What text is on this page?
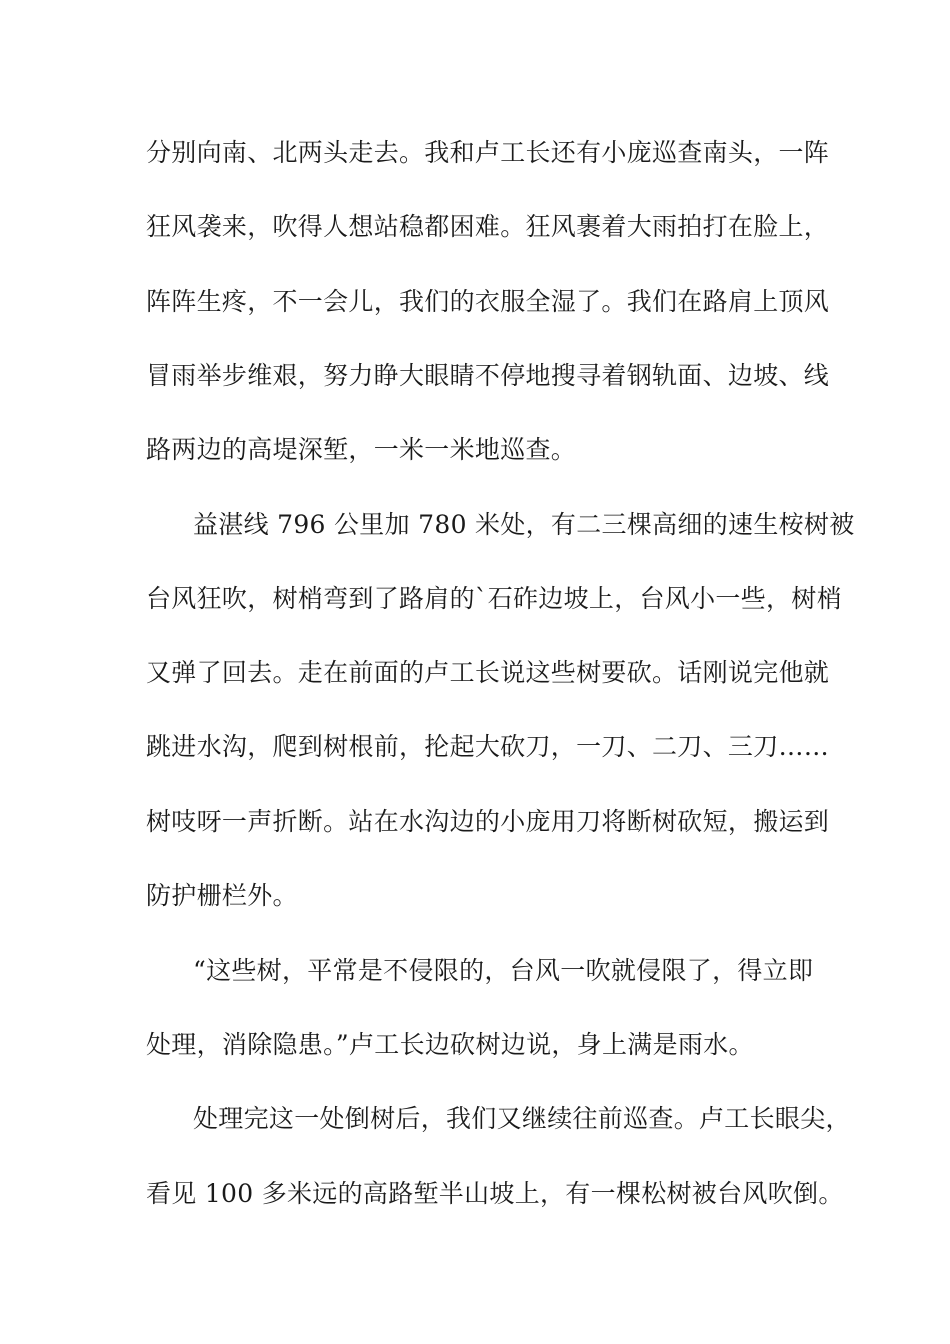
分别向南、北两头走去。我和卢工长还有小庞巡查南头，一阵
狂风袭来，吹得人想站稳都困难。狂风裹着大雨拍打在脸上，
阵阵生疼，不一会儿，我们的衣服全湿了。我们在路肩上顶风
冒雨举步维艰，努力睁大眼睛不停地搜寻着钢轨面、边坡、线
路两边的高堤深堑，一米一米地巡查。
益湛线 796 公里加 780 米处，有二三棵高细的速生桉树被
台风狂吹，树梢弯到了路肩的`石砟边坡上，台风小一些，树梢
又弹了回去。走在前面的卢工长说这些树要砍。话刚说完他就
跳进水沟，爬到树根前，抡起大砍刀，一刀、二刀、三刀……
树吱呀一声折断。站在水沟边的小庞用刀将断树砍短，搬运到
防护栅栏外。
“这些树，平常是不侵限的，台风一吹就侵限了，得立即
处理，消除隐患。”卢工长边砍树边说，身上满是雨水。
处理完这一处倒树后，我们又继续往前巡查。卢工长眼尖，
看见 100 多米远的高路堑半山坡上，有一棵松树被台风吹倒。
